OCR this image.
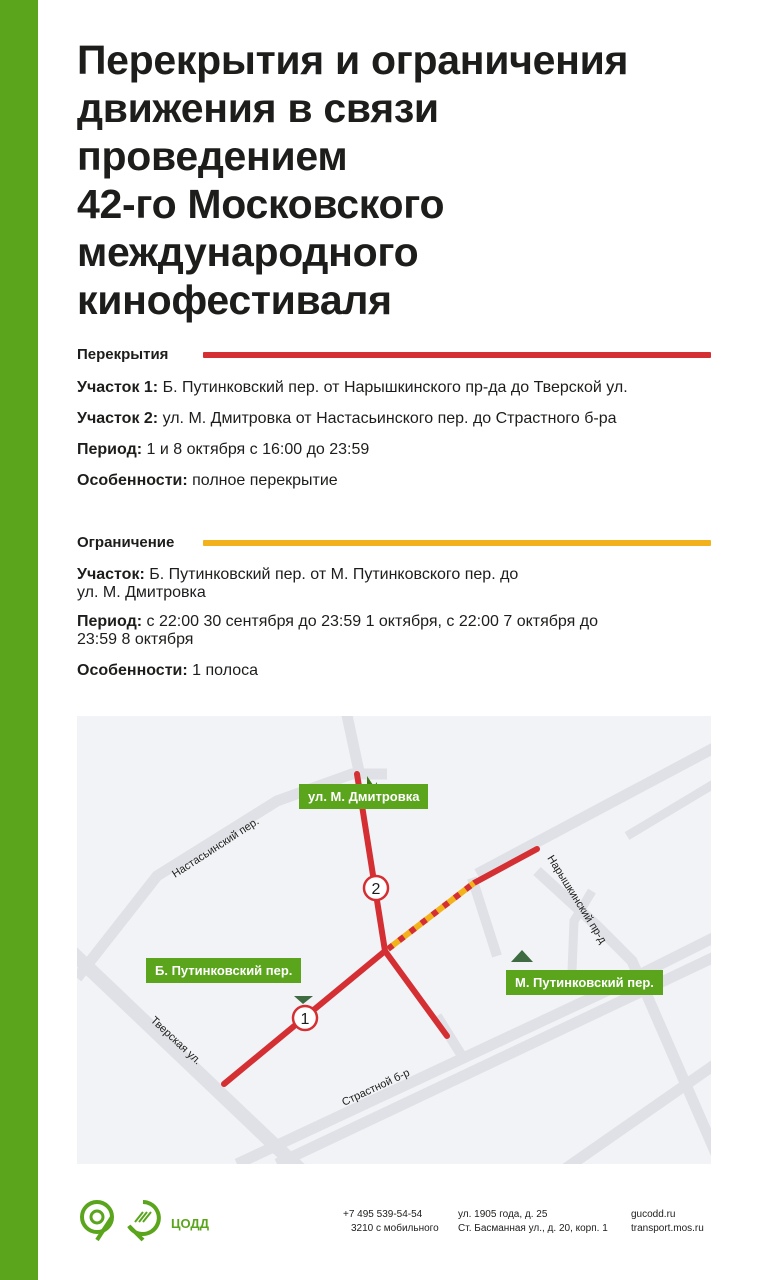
Перекрытия и ограничения
движения в связи
проведением
42-го Московского
международного
кинофестиваля
Перекрытия
Участок 1: Б. Путинковский пер. от Нарышкинского пр-да до Тверской ул.
Участок 2: ул. М. Дмитровка от Настасьинского пер. до Страстного б-ра
Период: 1 и 8 октября с 16:00 до 23:59
Особенности: полное перекрытие
Ограничение
Участок: Б. Путинковский пер. от М. Путинковского пер. до
ул. М. Дмитровка
Период: с 22:00 30 сентября до 23:59 1 октября, с 22:00 7 октября до
23:59 8 октября
Особенности: 1 полоса
Настасьинский пер.
Тверская ул.
Страстной б-р
Нарышкинский пр-д
2
1
ул. М. Дмитровка
Б. Путинковский пер.
М. Путинковский пер.
ЦОДД
+7 495 539-54-54
3210 с мобильного
ул. 1905 года, д. 25
Ст. Басманная ул., д. 20, корп. 1
gucodd.ru
transport.mos.ru
